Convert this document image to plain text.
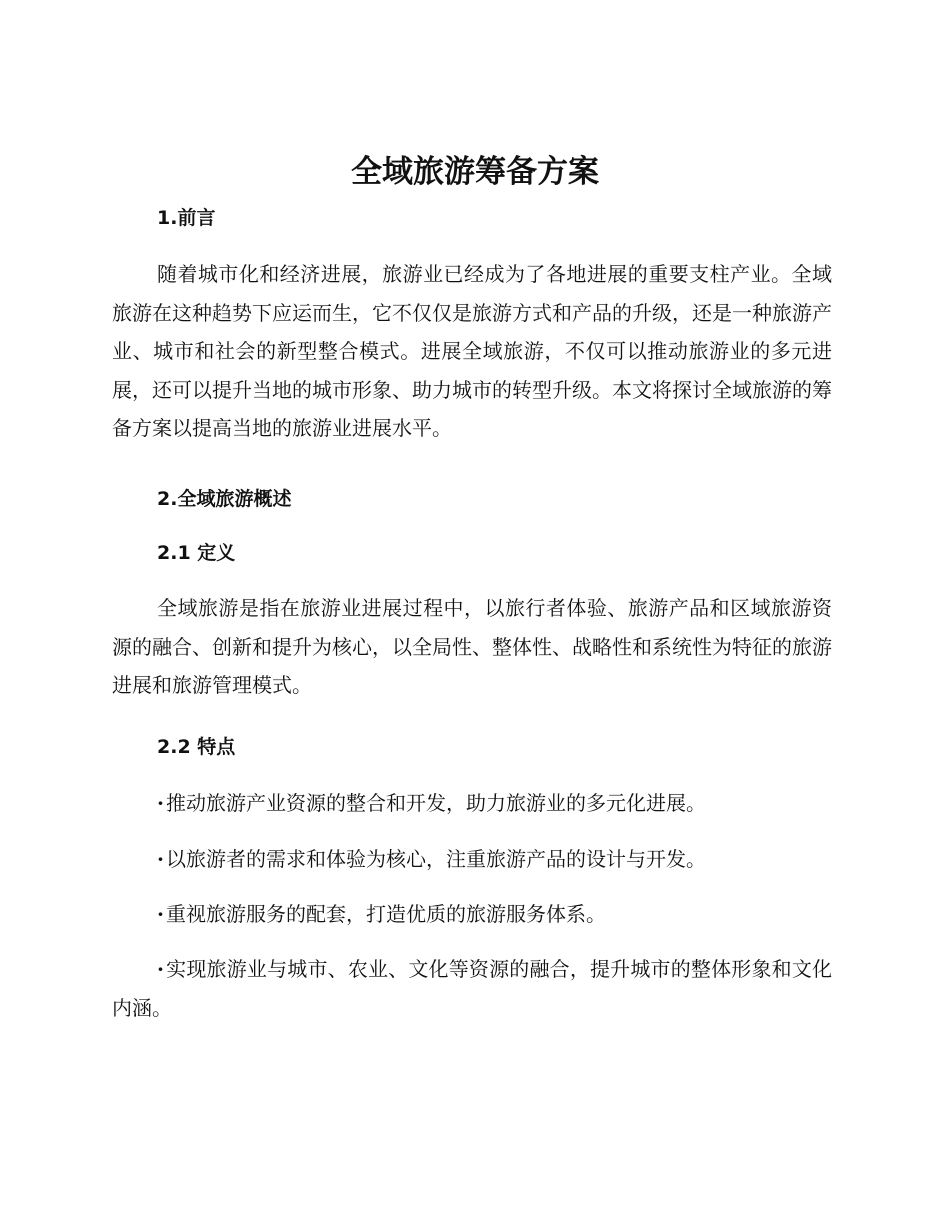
全域旅游筹备方案
1.前言

随着城市化和经济进展，旅游业已经成为了各地进展的重要支柱产业。全域旅游在这种趋势下应运而生，它不仅仅是旅游方式和产品的升级，还是一种旅游产业、城市和社会的新型整合模式。进展全域旅游，不仅可以推动旅游业的多元进展，还可以提升当地的城市形象、助力城市的转型升级。本文将探讨全域旅游的筹备方案以提高当地的旅游业进展水平。

2.全域旅游概述
2.1 定义

全域旅游是指在旅游业进展过程中，以旅行者体验、旅游产品和区域旅游资源的融合、创新和提升为核心，以全局性、整体性、战略性和系统性为特征的旅游进展和旅游管理模式。

2.2 特点

· 推动旅游产业资源的整合和开发，助力旅游业的多元化进展。

· 以旅游者的需求和体验为核心，注重旅游产品的设计与开发。

· 重视旅游服务的配套，打造优质的旅游服务体系。

· 实现旅游业与城市、农业、文化等资源的融合，提升城市的整体形象和文化内涵。
